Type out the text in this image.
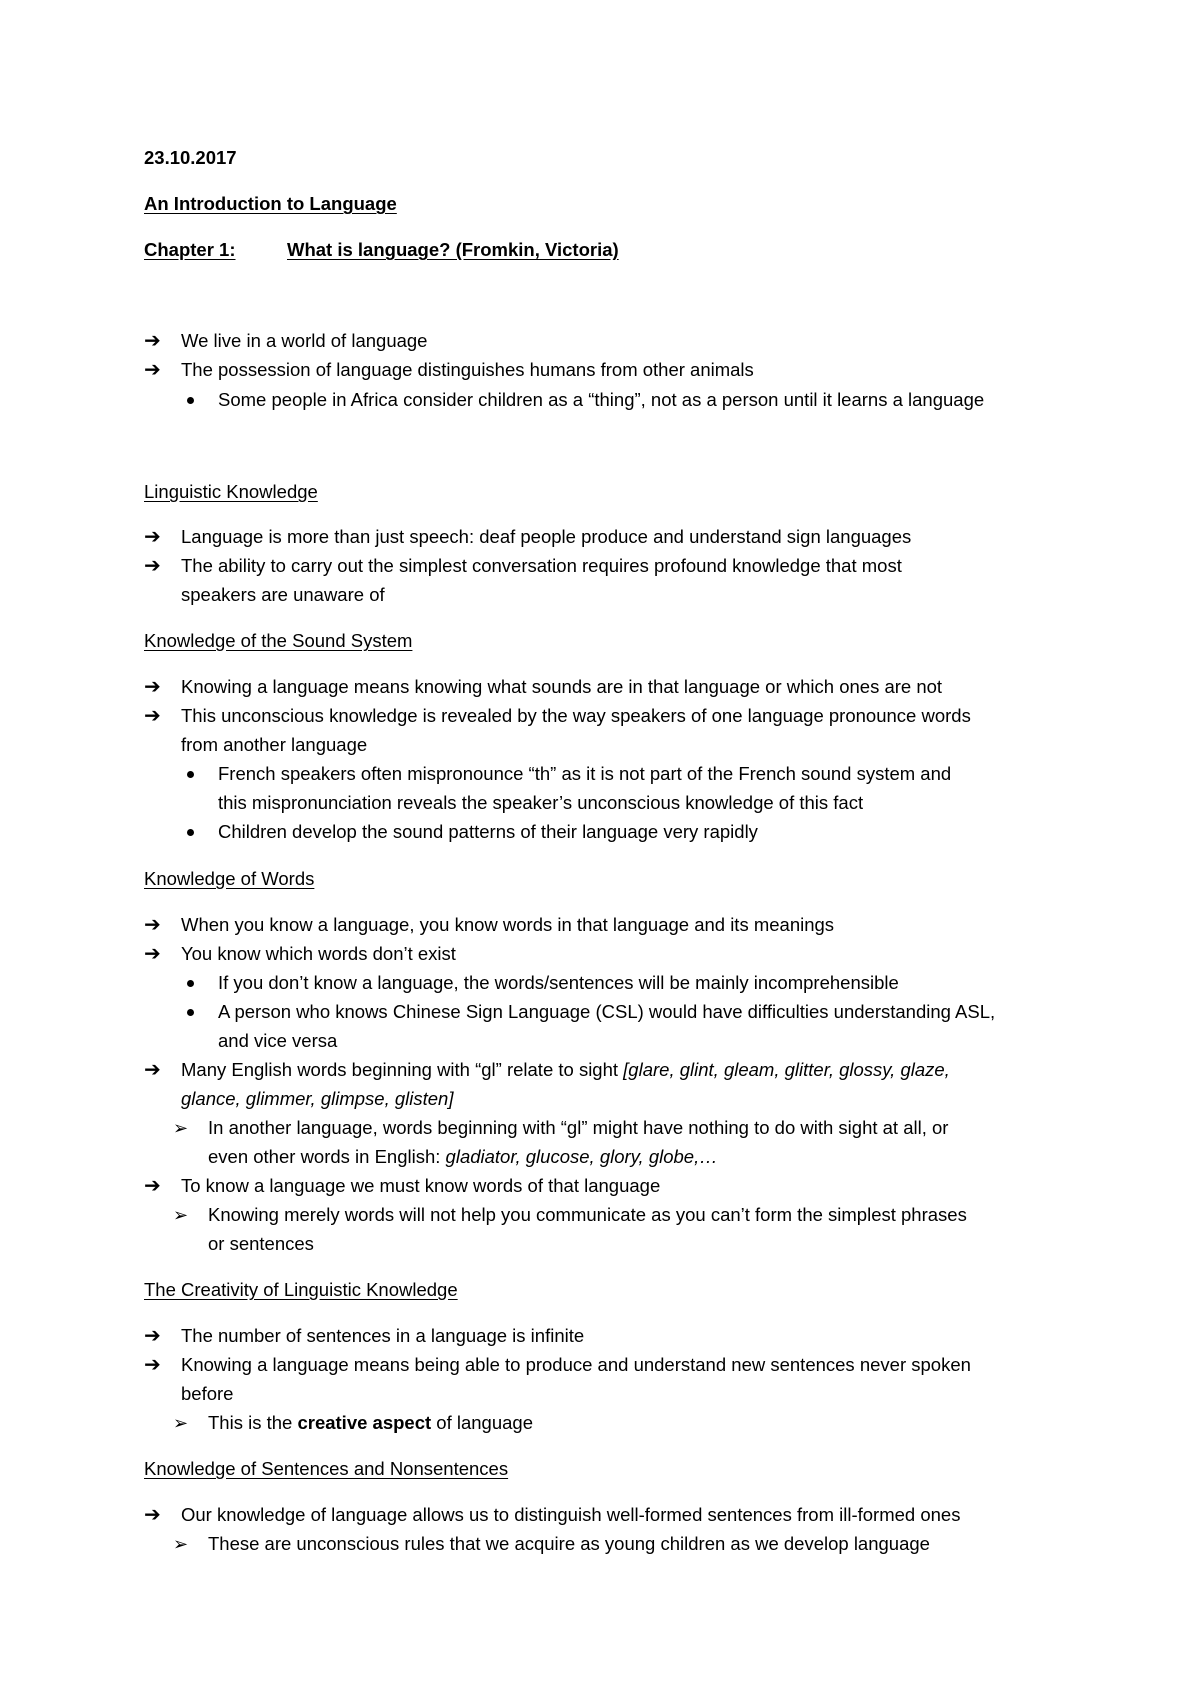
23.10.2017
An Introduction to Language
Chapter 1:	What is language? (Fromkin, Victoria)
➔ We live in a world of language
➔ The possession of language distinguishes humans from other animals
Some people in Africa consider children as a “thing”, not as a person until it learns a language
Linguistic Knowledge
➔ Language is more than just speech: deaf people produce and understand sign languages
➔ The ability to carry out the simplest conversation requires profound knowledge that most
speakers are unaware of
Knowledge of the Sound System
➔ Knowing a language means knowing what sounds are in that language or which ones are not
➔ This unconscious knowledge is revealed by the way speakers of one language pronounce words
from another language
French speakers often mispronounce “th” as it is not part of the French sound system and
this mispronunciation reveals the speaker’s unconscious knowledge of this fact
Children develop the sound patterns of their language very rapidly
Knowledge of Words
➔ When you know a language, you know words in that language and its meanings
➔ You know which words don’t exist
If you don’t know a language, the words/sentences will be mainly incomprehensible
A person who knows Chinese Sign Language (CSL) would have difficulties understanding ASL,
and vice versa
➔ Many English words beginning with “gl” relate to sight [glare, glint, gleam, glitter, glossy, glaze,
glance, glimmer, glimpse, glisten]
➢ In another language, words beginning with “gl” might have nothing to do with sight at all, or
even other words in English: gladiator, glucose, glory, globe,…
➔ To know a language we must know words of that language
➢ Knowing merely words will not help you communicate as you can’t form the simplest phrases
or sentences
The Creativity of Linguistic Knowledge
➔ The number of sentences in a language is infinite
➔ Knowing a language means being able to produce and understand new sentences never spoken
before
➢ This is the creative aspect of language
Knowledge of Sentences and Nonsentences
➔ Our knowledge of language allows us to distinguish well-formed sentences from ill-formed ones
➢ These are unconscious rules that we acquire as young children as we develop language
